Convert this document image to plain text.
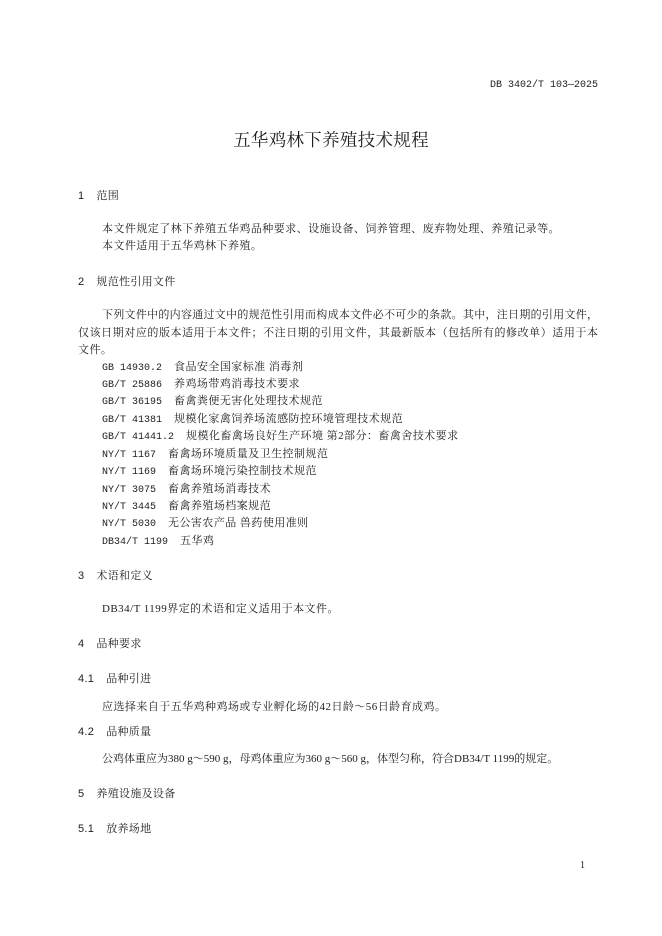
DB 3402/T 103—2025
五华鸡林下养殖技术规程
1 范围
本文件规定了林下养殖五华鸡品种要求、设施设备、饲养管理、废弃物处理、养殖记录等。
本文件适用于五华鸡林下养殖。
2 规范性引用文件
下列文件中的内容通过文中的规范性引用而构成本文件必不可少的条款。其中，注日期的引用文件，
仅该日期对应的版本适用于本文件；不注日期的引用文件，其最新版本（包括所有的修改单）适用于本
文件。
GB 14930.2 食品安全国家标准 消毒剂
GB/T 25886 养鸡场带鸡消毒技术要求
GB/T 36195 畜禽粪便无害化处理技术规范
GB/T 41381 规模化家禽饲养场流感防控环境管理技术规范
GB/T 41441.2 规模化畜禽场良好生产环境 第2部分：畜禽舍技术要求
NY/T 1167 畜禽场环境质量及卫生控制规范
NY/T 1169 畜禽场环境污染控制技术规范
NY/T 3075 畜禽养殖场消毒技术
NY/T 3445 畜禽养殖场档案规范
NY/T 5030 无公害农产品 兽药使用准则
DB34/T 1199 五华鸡
3 术语和定义
DB34/T 1199界定的术语和定义适用于本文件。
4 品种要求
4.1 品种引进
应选择来自于五华鸡种鸡场或专业孵化场的42日龄～56日龄育成鸡。
4.2 品种质量
公鸡体重应为380 g～590 g，母鸡体重应为360 g～560 g，体型匀称，符合DB34/T 1199的规定。
5 养殖设施及设备
5.1 放养场地
1
